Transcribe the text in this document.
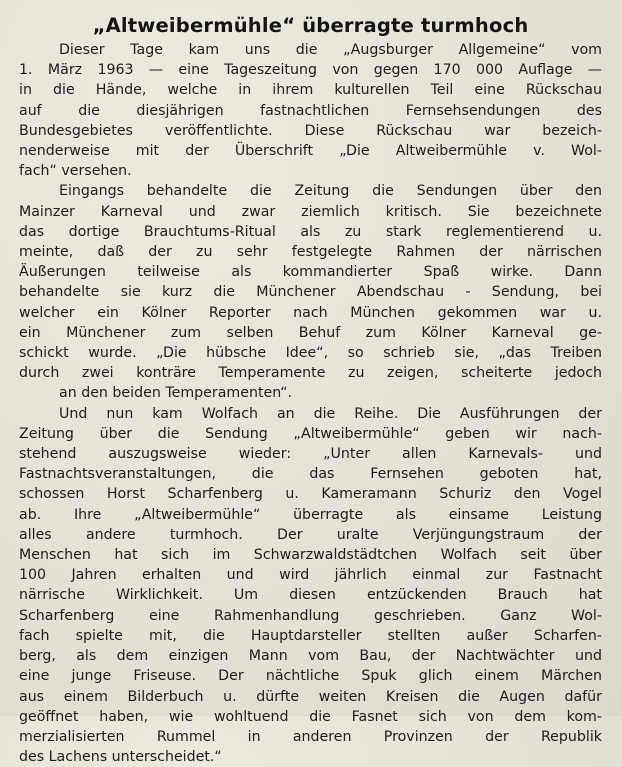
„Altweibermühle“ überragte turmhoch
Dieser Tage kam uns die „Augsburger Allgemeine“ vom
1. März 1963 — eine Tageszeitung von gegen 170 000 Auflage —
in die Hände, welche in ihrem kulturellen Teil eine Rückschau
auf die diesjährigen fastnachtlichen Fernsehsendungen des
Bundesgebietes veröffentlichte. Diese Rückschau war bezeich-
nenderweise mit der Überschrift „Die Altweibermühle v. Wol-
fach“ versehen.
Eingangs behandelte die Zeitung die Sendungen über den
Mainzer Karneval und zwar ziemlich kritisch. Sie bezeichnete
das dortige Brauchtums-Ritual als zu stark reglementierend u.
meinte, daß der zu sehr festgelegte Rahmen der närrischen
Äußerungen teilweise als kommandierter Spaß wirke. Dann
behandelte sie kurz die Münchener Abendschau - Sendung, bei
welcher ein Kölner Reporter nach München gekommen war u.
ein Münchener zum selben Behuf zum Kölner Karneval ge-
schickt wurde. „Die hübsche Idee“, so schrieb sie, „das Treiben
durch zwei konträre Temperamente zu zeigen, scheiterte jedoch
an den beiden Temperamenten“.
Und nun kam Wolfach an die Reihe. Die Ausführungen der
Zeitung über die Sendung „Altweibermühle“ geben wir nach-
stehend auszugsweise wieder: „Unter allen Karnevals- und
Fastnachtsveranstaltungen, die das Fernsehen geboten hat,
schossen Horst Scharfenberg u. Kameramann Schuriz den Vogel
ab. Ihre „Altweibermühle“ überragte als einsame Leistung
alles andere turmhoch. Der uralte Verjüngungstraum der
Menschen hat sich im Schwarzwaldstädtchen Wolfach seit über
100 Jahren erhalten und wird jährlich einmal zur Fastnacht
närrische Wirklichkeit. Um diesen entzückenden Brauch hat
Scharfenberg eine Rahmenhandlung geschrieben. Ganz Wol-
fach spielte mit, die Hauptdarsteller stellten außer Scharfen-
berg, als dem einzigen Mann vom Bau, der Nachtwächter und
eine junge Friseuse. Der nächtliche Spuk glich einem Märchen
aus einem Bilderbuch u. dürfte weiten Kreisen die Augen dafür
geöffnet haben, wie wohltuend die Fasnet sich von dem kom-
merzialisierten Rummel in anderen Provinzen der Republik
des Lachens unterscheidet.“
